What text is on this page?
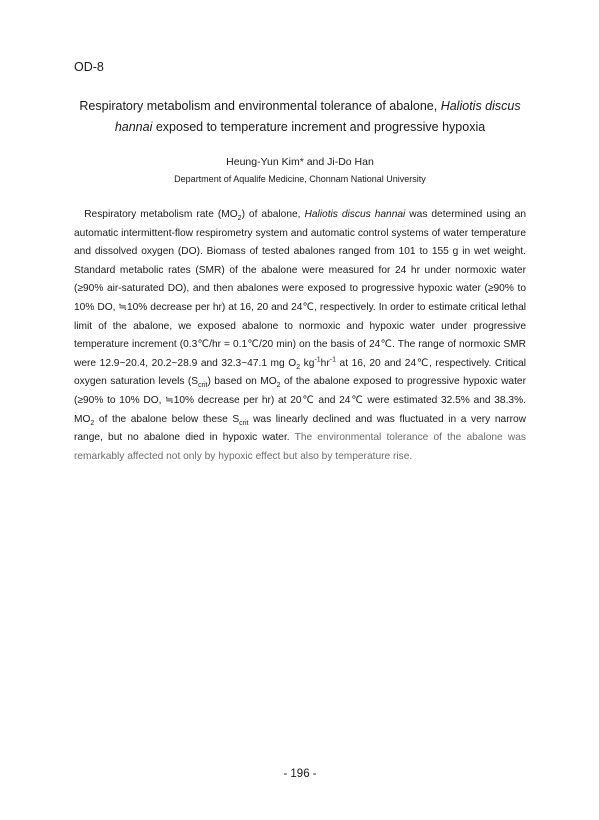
OD-8
Respiratory metabolism and environmental tolerance of abalone, Haliotis discus
hannai exposed to temperature increment and progressive hypoxia
Heung-Yun Kim* and Ji-Do Han
Department of Aqualife Medicine, Chonnam National University
 Respiratory metabolism rate $(MO_2)$ of abalone, Haliotis discus hannai was determined using an automatic intermittent-flow respirometry system and automatic control systems of water temperature and dissolved oxygen (DO). Biomass of tested abalones ranged from 101 to 155 g in wet weight. Standard metabolic rates (SMR) of the abalone were measured for 24 hr under normoxic water (≥90% air-saturated DO), and then abalones were exposed to progressive hypoxic water (≥90% to 10% DO, ≒10% decrease per hr) at 16, 20 and 24℃, respectively. In order to estimate critical lethal limit of the abalone, we exposed abalone to normoxic and hypoxic water under progressive temperature increment (0.3℃/hr = 0.1℃/20 min) on the basis of 24℃. The range of normoxic SMR were 12.9~20.4, 20.2~28.9 and 32.3~47.1 mg $O_2$ $kg^{-1}hr^{-1}$ at 16, 20 and 24℃, respectively. Critical oxygen saturation levels $(S_{crit})$ based on $MO_2$ of the abalone exposed to progressive hypoxic water (≥90% to 10% DO, ≒10% decrease per hr) at 20℃ and 24℃ were estimated 32.5% and 38.3%. $MO_2$ of the abalone below these $S_{crit}$ was linearly declined and was fluctuated in a very narrow range, but no abalone died in hypoxic water. The environmental tolerance of the abalone was remarkably affected not only by hypoxic effect but also by temperature rise.
- 196 -
